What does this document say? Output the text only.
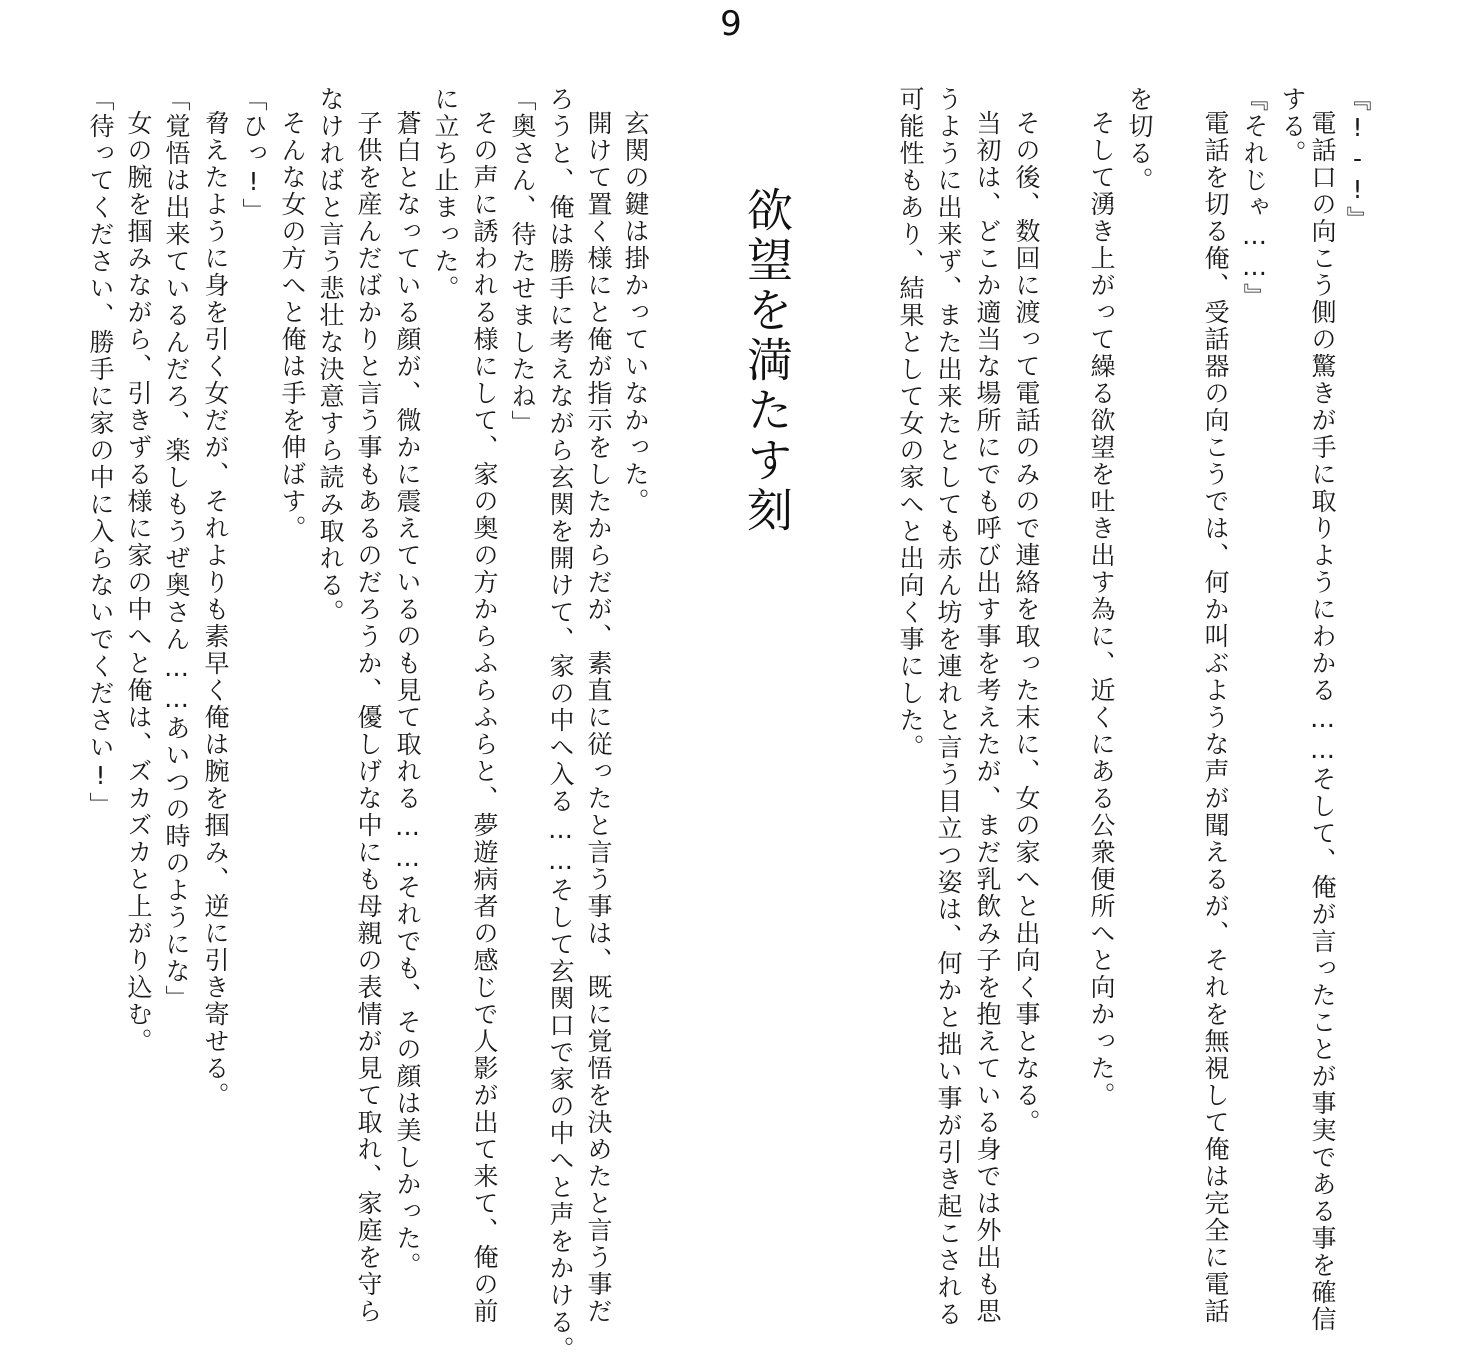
9
欲望を満たす刻
『!-!』
電話口の向こう側の驚きが手に取りようにわかる……そして、俺が言ったことが事実である事を確信
する。
『それじゃ……』
電話を切る俺、受話器の向こうでは、何か叫ぶような声が聞えるが、それを無視して俺は完全に電話
を切る。
そして湧き上がって繰る欲望を吐き出す為に、近くにある公衆便所へと向かった。
その後、数回に渡って電話のみので連絡を取った末に、女の家へと出向く事となる。
当初は、どこか適当な場所にでも呼び出す事を考えたが、まだ乳飲み子を抱えている身では外出も思
うように出来ず、また出来たとしても赤ん坊を連れと言う目立つ姿は、何かと拙い事が引き起こされる
可能性もあり、結果として女の家へと出向く事にした。
玄関の鍵は掛かっていなかった。
開けて置く様にと俺が指示をしたからだが、素直に従ったと言う事は、既に覚悟を決めたと言う事だ
ろうと、俺は勝手に考えながら玄関を開けて、家の中へ入る……そして玄関口で家の中へと声をかける。
「奥さん、待たせましたね」
その声に誘われる様にして、家の奥の方からふらふらと、夢遊病者の感じで人影が出て来て、俺の前
に立ち止まった。
蒼白となっている顔が、微かに震えているのも見て取れる……それでも、その顔は美しかった。
子供を産んだばかりと言う事もあるのだろうか、優しげな中にも母親の表情が見て取れ、家庭を守ら
なければと言う悲壮な決意すら読み取れる。
そんな女の方へと俺は手を伸ばす。
「ひっ!」
脅えたように身を引く女だが、それよりも素早く俺は腕を掴み、逆に引き寄せる。
「覚悟は出来ているんだろ、楽しもうぜ奥さん……あいつの時のようにな」
女の腕を掴みながら、引きずる様に家の中へと俺は、ズカズカと上がり込む。
「待ってください、勝手に家の中に入らないでください!」
